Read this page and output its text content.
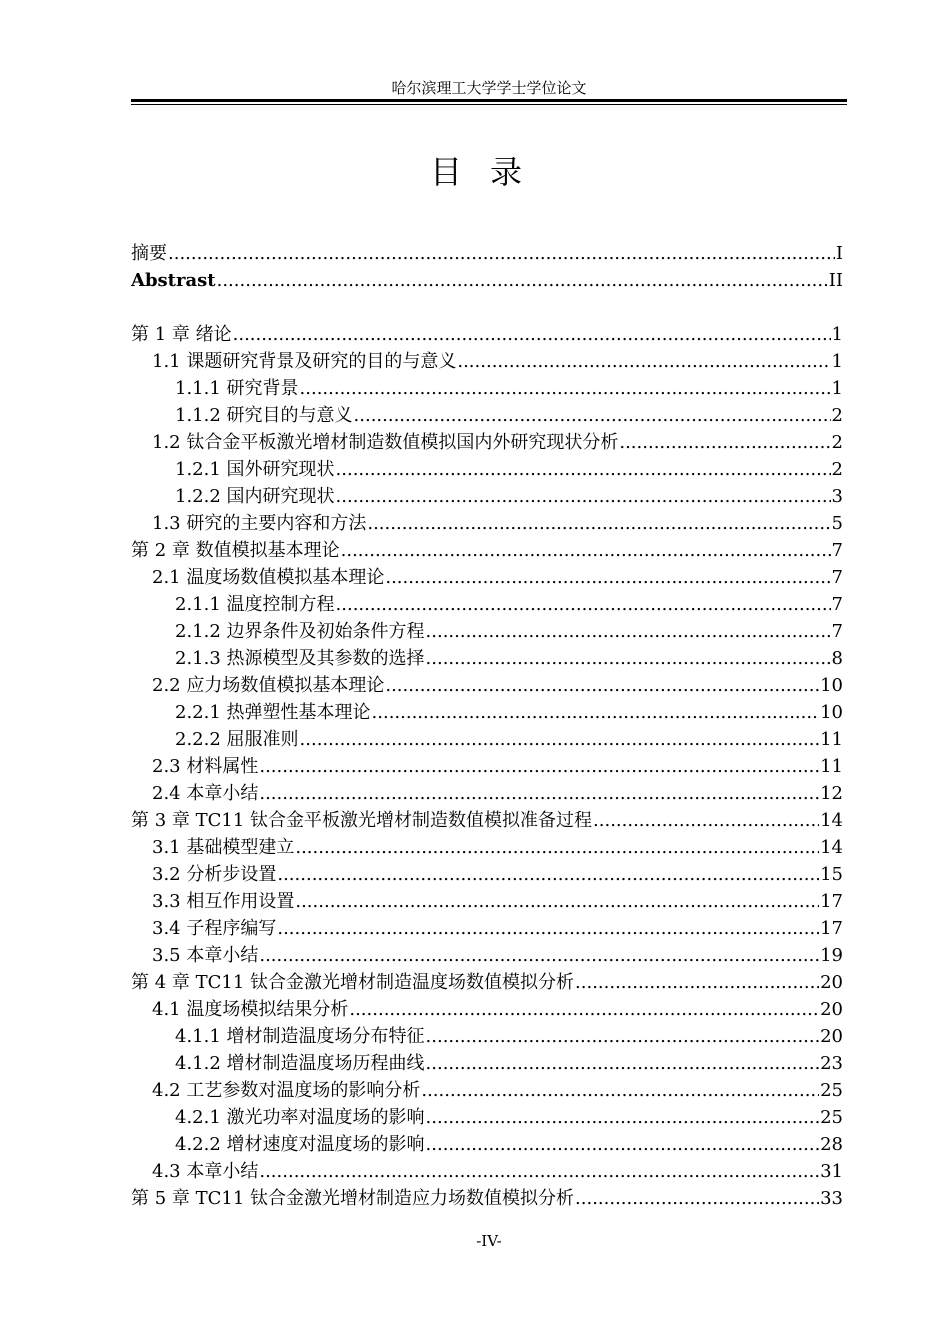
哈尔滨理工大学学士学位论文
目录
摘要 .....	I
Abstrast .....	II
第 1 章 绪论 .....	1
1.1 课题研究背景及研究的目的与意义 .....	1
1.1.1 研究背景 .....	1
1.1.2 研究目的与意义 .....	2
1.2 钛合金平板激光增材制造数值模拟国内外研究现状分析 .....	2
1.2.1 国外研究现状 .....	2
1.2.2 国内研究现状 .....	3
1.3 研究的主要内容和方法 .....	5
第 2 章 数值模拟基本理论 .....	7
2.1 温度场数值模拟基本理论 .....	7
2.1.1 温度控制方程 .....	7
2.1.2 边界条件及初始条件方程 .....	7
2.1.3 热源模型及其参数的选择 .....	8
2.2 应力场数值模拟基本理论 .....	10
2.2.1 热弹塑性基本理论 .....	10
2.2.2 屈服准则 .....	11
2.3 材料属性 .....	11
2.4 本章小结 .....	12
第 3 章 TC11 钛合金平板激光增材制造数值模拟准备过程 .....	14
3.1 基础模型建立 .....	14
3.2 分析步设置 .....	15
3.3 相互作用设置 .....	17
3.4 子程序编写 .....	17
3.5 本章小结 .....	19
第 4 章 TC11 钛合金激光增材制造温度场数值模拟分析 .....	20
4.1 温度场模拟结果分析 .....	20
4.1.1 增材制造温度场分布特征 .....	20
4.1.2 增材制造温度场历程曲线 .....	23
4.2 工艺参数对温度场的影响分析 .....	25
4.2.1 激光功率对温度场的影响 .....	25
4.2.2 增材速度对温度场的影响 .....	28
4.3 本章小结 .....	31
第 5 章 TC11 钛合金激光增材制造应力场数值模拟分析 .....	33
-IV-
